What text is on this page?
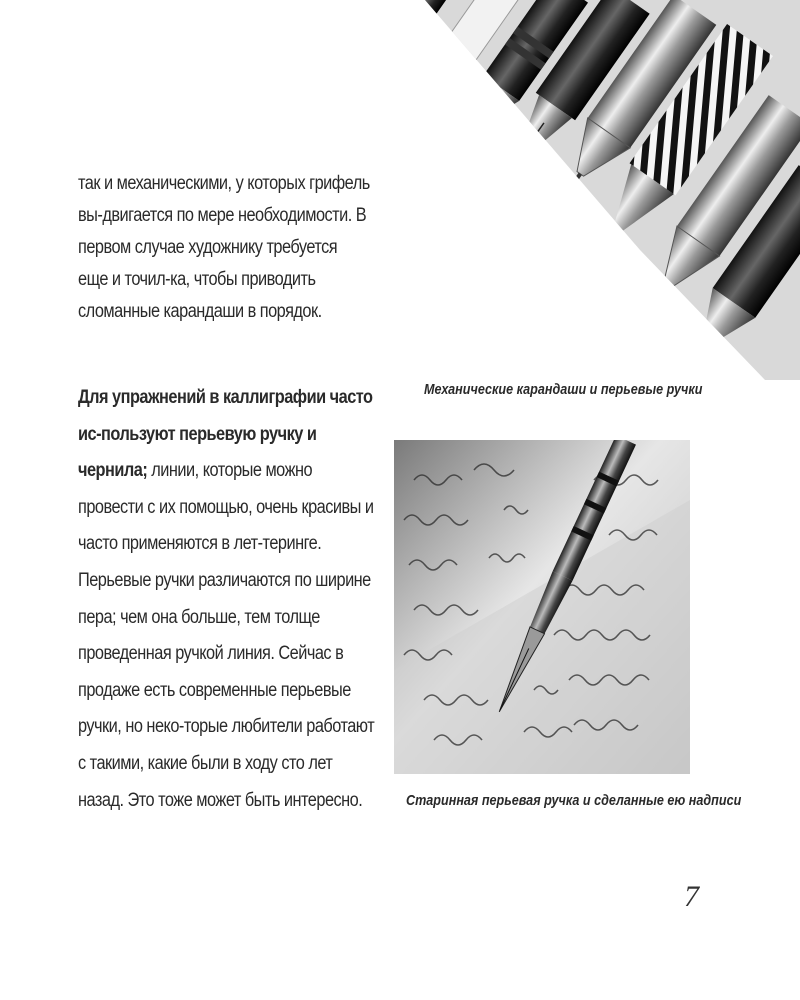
так и механическими, у которых грифель вы-двигается по мере необходимости. В первом случае художнику требуется еще и точил-ка, чтобы приводить сломанные карандаши в порядок.

Для упражнений в каллиграфии часто ис-пользуют перьевую ручку и чернила; линии, которые можно провести с их помощью, очень красивы и часто применяются в лет-теринге. Перьевые ручки различаются по ширине пера; чем она больше, тем толще проведенная ручкой линия. Сейчас в продаже есть современные перьевые ручки, но неко-торые любители работают с такими, какие были в ходу сто лет назад. Это тоже может быть интересно.

Механические карандаши и перьевые ручки

Старинная перьевая ручка и сделанные ею надписи

7
